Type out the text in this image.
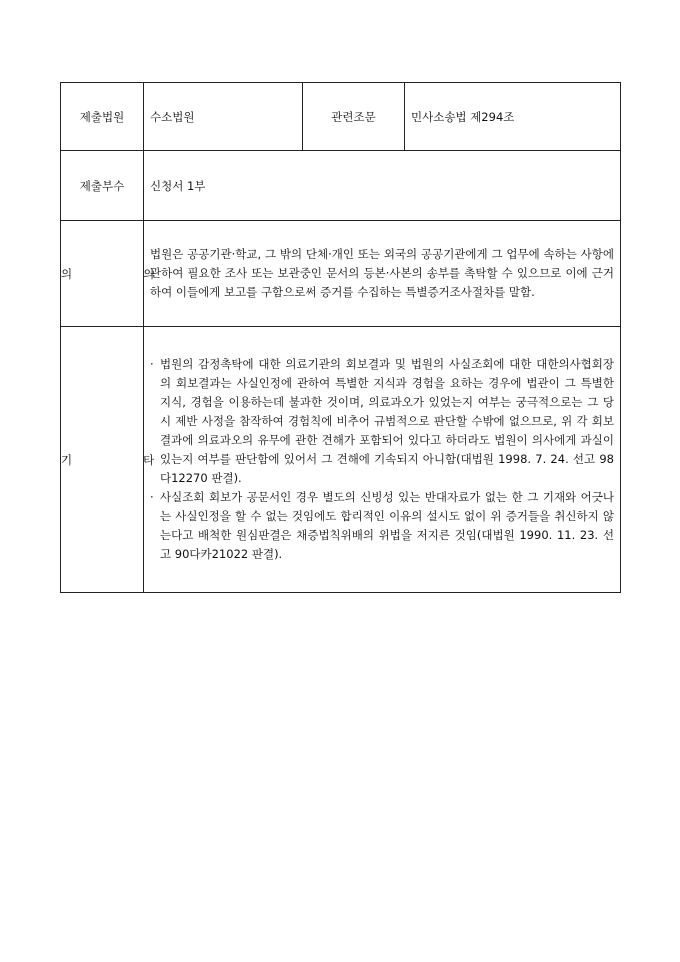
제출법원	수소법원	관련조문	민사소송법 제294조
제출부수	신청서 1부		
의   의	법원은 공공기관·학교, 그 밖의 단체·개인 또는 외국의 공공기관에게 그 업무에 속하는 사항에 관하여 필요한 조사 또는 보관중인 문서의 등본·사본의 송부를 촉탁할 수 있으므로 이에 근거하여 이들에게 보고를 구함으로써 증거를 수집하는 특별증거조사절차를 말함.		
기   타	· 법원의 감정촉탁에 대한 의료기관의 회보결과 및 법원의 사실조회에 대한 대한의사협회장의 회보결과는 사실인정에 관하여 특별한 지식과 경험을 요하는 경우에 법관이 그 특별한 지식, 경험을 이용하는데 불과한 것이며, 의료과오가 있었는지 여부는 궁극적으로는 그 당시 제반 사정을 참작하여 경험칙에 비추어 규범적으로 판단할 수밖에 없으므로, 위 각 회보결과에 의료과오의 유무에 관한 견해가 포함되어 있다고 하더라도 법원이 의사에게 과실이 있는지 여부를 판단함에 있어서 그 견해에 기속되지 아니함(대법원 1998. 7. 24. 선고 98다12270 판결).
· 사실조회 회보가 공문서인 경우 별도의 신빙성 있는 반대자료가 없는 한 그 기재와 어긋나는 사실인정을 할 수 없는 것임에도 합리적인 이유의 설시도 없이 위 증거들을 취신하지 않는다고 배척한 원심판결은 채증법칙위배의 위법을 저지른 것임(대법원 1990. 11. 23. 선고 90다카21022 판결).		
